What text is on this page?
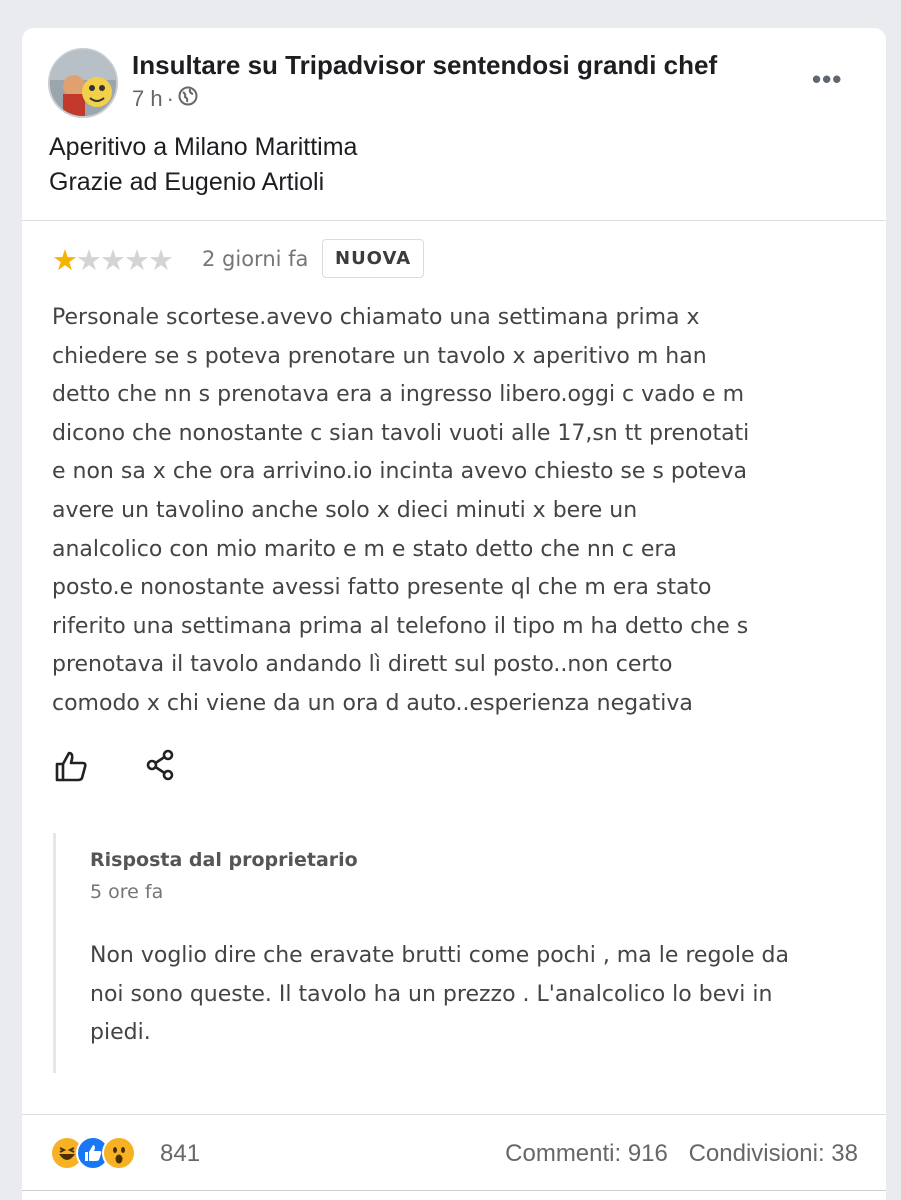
Insultare su Tripadvisor sentendosi grandi chef
7 h ·
•••
Aperitivo a Milano Marittima
Grazie ad Eugenio Artioli
★★★★★ 2 giorni fa	NUOVA
Personale scortese.avevo chiamato una settimana prima x
chiedere se s poteva prenotare un tavolo x aperitivo m han
detto che nn s prenotava era a ingresso libero.oggi c vado e m
dicono che nonostante c sian tavoli vuoti alle 17,sn tt prenotati
e non sa x che ora arrivino.io incinta avevo chiesto se s poteva
avere un tavolino anche solo x dieci minuti x bere un
analcolico con mio marito e m e stato detto che nn c era
posto.e nonostante avessi fatto presente ql che m era stato
riferito una settimana prima al telefono il tipo m ha detto che s
prenotava il tavolo andando lì dirett sul posto..non certo
comodo x chi viene da un ora d auto..esperienza negativa
Risposta dal proprietario
5 ore fa
Non voglio dire che eravate brutti come pochi , ma le regole da
noi sono queste. Il tavolo ha un prezzo . L'analcolico lo bevi in
piedi.
841	Commenti: 916 Condivisioni: 38
